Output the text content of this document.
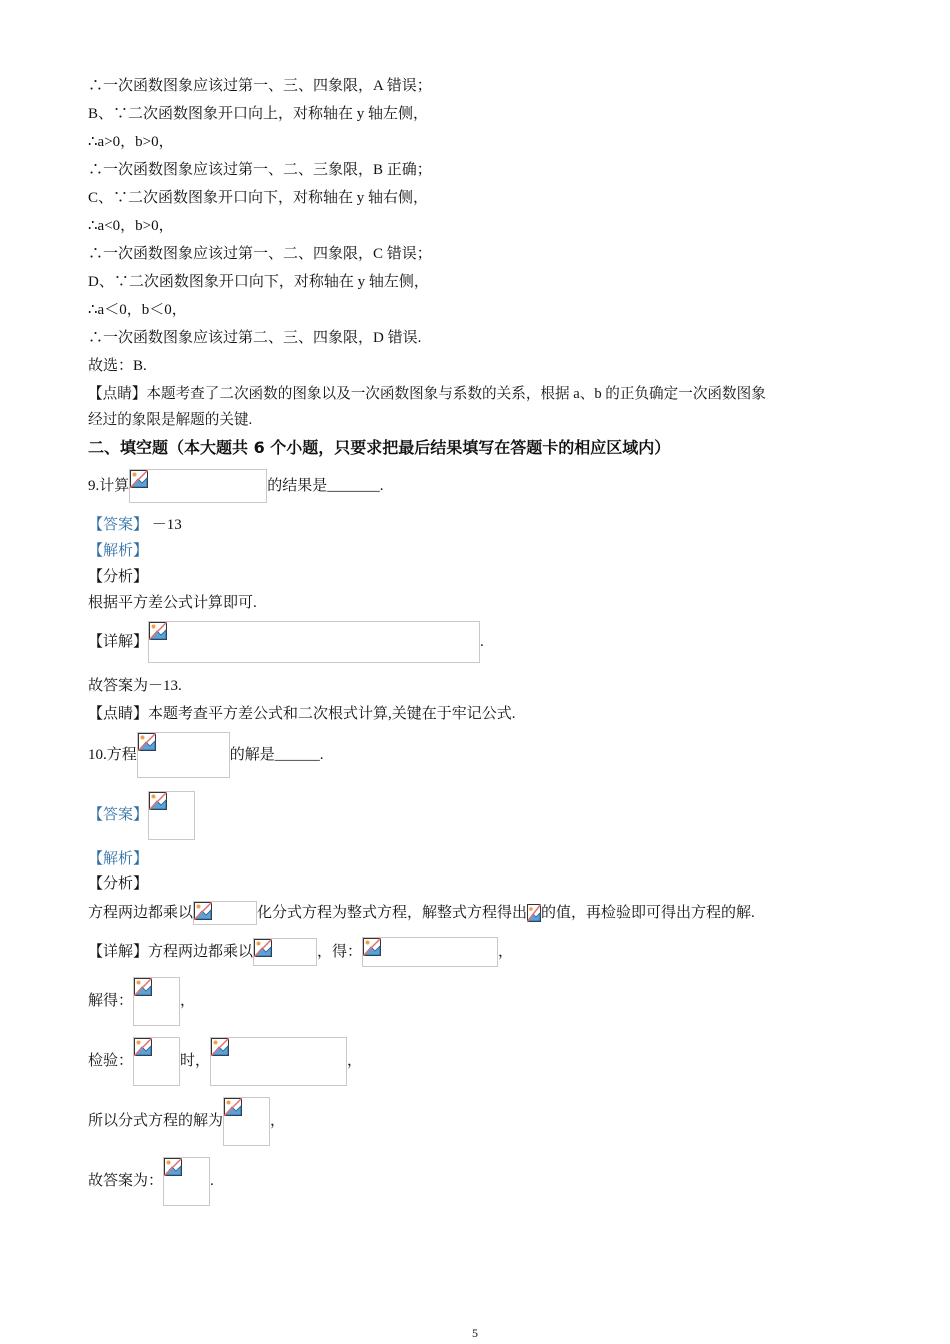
∴一次函数图象应该过第一、三、四象限，A 错误；
B、∵二次函数图象开口向上，对称轴在 y 轴左侧，
∴a>0，b>0，
∴一次函数图象应该过第一、二、三象限，B 正确；
C、∵二次函数图象开口向下，对称轴在 y 轴右侧，
∴a<0，b>0，
∴一次函数图象应该过第一、二、四象限，C 错误；
D、∵二次函数图象开口向下，对称轴在 y 轴左侧，
∴a＜0，b＜0，
∴一次函数图象应该过第二、三、四象限，D 错误.
故选：B.
【点睛】本题考查了二次函数的图象以及一次函数图象与系数的关系，根据 a、b 的正负确定一次函数图象
经过的象限是解题的关键.
二、填空题（本大题共 6 个小题，只要求把最后结果填写在答题卡的相应区域内）
9.计算	的结果是_______.
【答案】 －13
【解析】
【分析】
根据平方差公式计算即可.
【详解】	.
故答案为－13.
【点睛】本题考查平方差公式和二次根式计算,关键在于牢记公式.
10.方程	的解是______.
【答案】
【解析】
【分析】
方程两边都乘以	化分式方程为整式方程，解整式方程得出 的值，再检验即可得出方程的解.
【详解】 方程两边都乘以	，得：	，
解得：	，
检验：	时，	，
所以分式方程的解为	，
故答案为：	.
5
